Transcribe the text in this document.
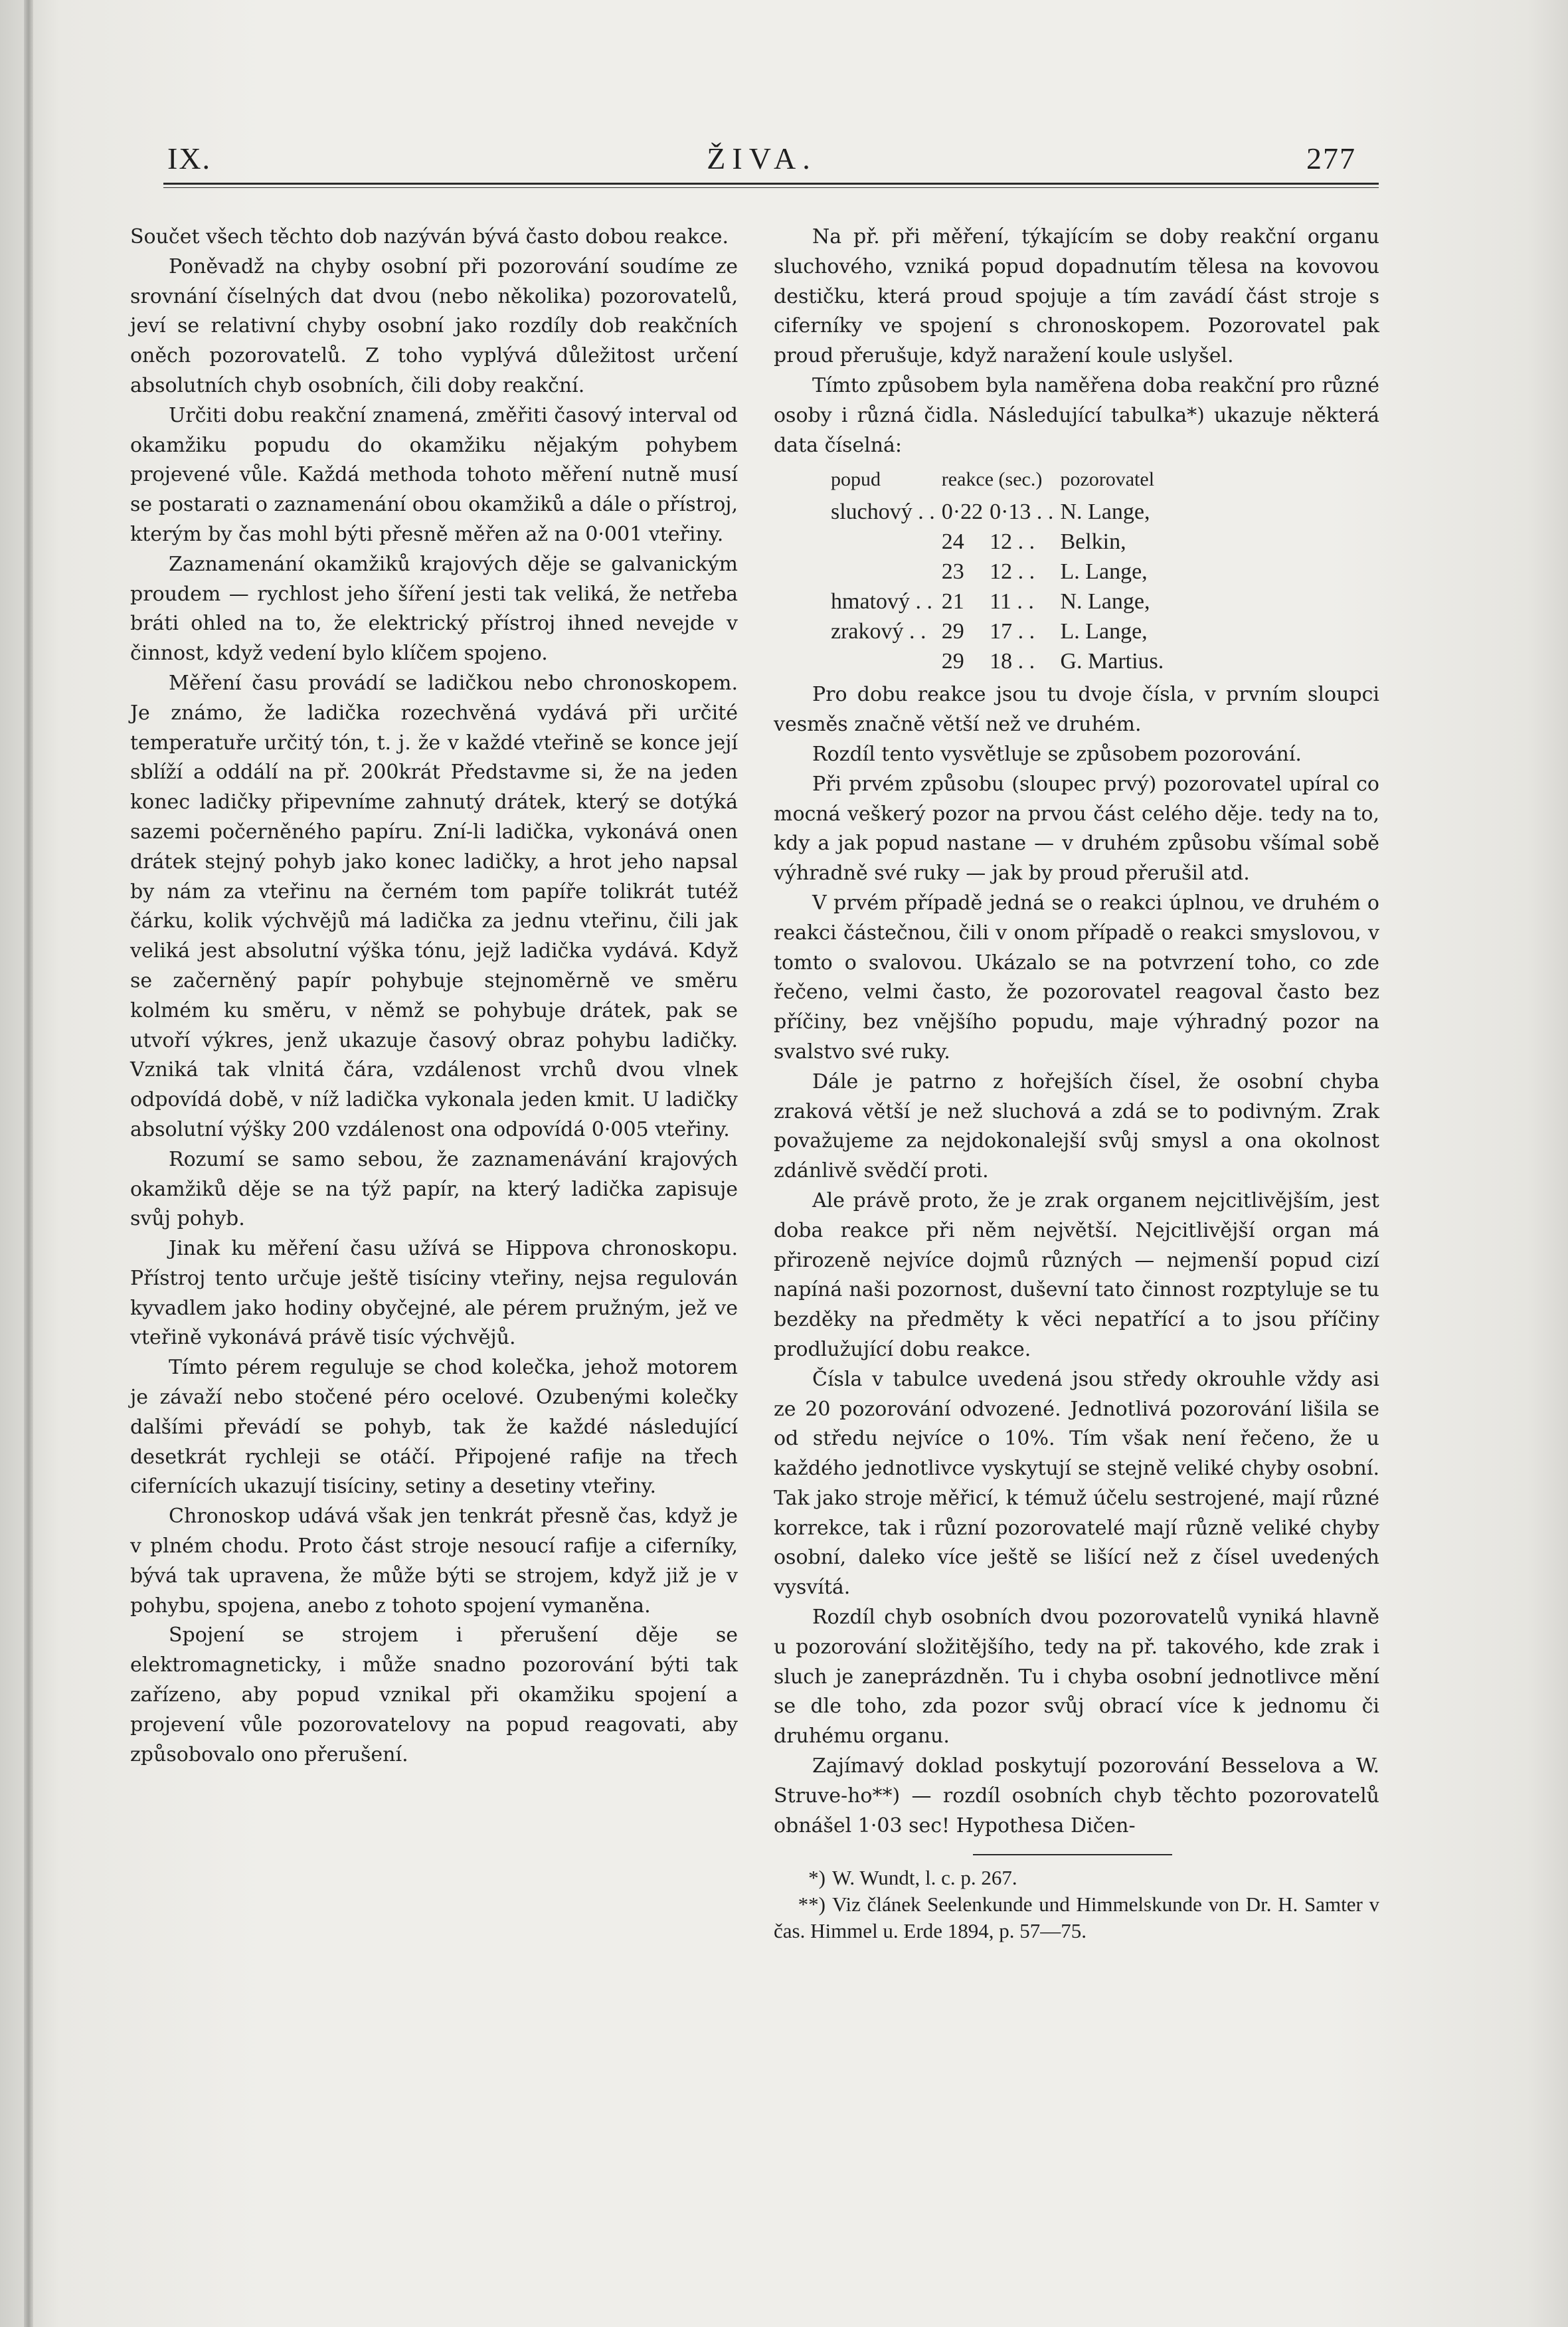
IX.	ŽIVA.	277

Součet všech těchto dob nazýván bývá často dobou reakce.

Poněvadž na chyby osobní při pozorování soudíme ze srovnání číselných dat dvou (nebo několika) pozorovatelů, jeví se relativní chyby osobní jako rozdíly dob reakčních oněch pozorovatelů. Z toho vyplývá důležitost určení absolutních chyb osobních, čili doby reakční.

Určiti dobu reakční znamená, změřiti časový interval od okamžiku popudu do okamžiku nějakým pohybem projevené vůle. Každá methoda tohoto měření nutně musí se postarati o zaznamenání obou okamžiků a dále o přístroj, kterým by čas mohl býti přesně měřen až na 0·001 vteřiny.

Zaznamenání okamžiků krajových děje se galvanickým proudem — rychlost jeho šíření jesti tak veliká, že netřeba bráti ohled na to, že elektrický přístroj ihned nevejde v činnost, když vedení bylo klíčem spojeno.

Měření času provádí se ladičkou nebo chronoskopem. Je známo, že ladička rozechvěná vydává při určité temperatuře určitý tón, t. j. že v každé vteřině se konce její sblíží a oddálí na př. 200krát Představme si, že na jeden konec ladičky připevníme zahnutý drátek, který se dotýká sazemi počerněného papíru. Zní-li ladička, vykonává onen drátek stejný pohyb jako konec ladičky, a hrot jeho napsal by nám za vteřinu na černém tom papíře tolikrát tutéž čárku, kolik výchvějů má ladička za jednu vteřinu, čili jak veliká jest absolutní výška tónu, jejž ladička vydává. Když se začerněný papír pohybuje stejnoměrně ve směru kolmém ku směru, v němž se pohybuje drátek, pak se utvoří výkres, jenž ukazuje časový obraz pohybu ladičky. Vzniká tak vlnitá čára, vzdálenost vrchů dvou vlnek odpovídá době, v níž ladička vykonala jeden kmit. U ladičky absolutní výšky 200 vzdálenost ona odpovídá 0·005 vteřiny.

Rozumí se samo sebou, že zaznamenávání krajových okamžiků děje se na týž papír, na který ladička zapisuje svůj pohyb.

Jinak ku měření času užívá se Hippova chronoskopu. Přístroj tento určuje ještě tisíciny vteřiny, nejsa regulován kyvadlem jako hodiny obyčejné, ale pérem pružným, jež ve vteřině vykonává právě tisíc výchvějů.

Tímto pérem reguluje se chod kolečka, jehož motorem je závaží nebo stočené péro ocelové. Ozubenými kolečky dalšími převádí se pohyb, tak že každé následující desetkrát rychleji se otáčí. Připojené rafije na třech cifernících ukazují tisíciny, setiny a desetiny vteřiny.

Chronoskop udává však jen tenkrát přesně čas, když je v plném chodu. Proto část stroje nesoucí rafije a ciferníky, bývá tak upravena, že může býti se strojem, když již je v pohybu, spojena, anebo z tohoto spojení vymaněna.

Spojení se strojem i přerušení děje se elektromagneticky, i může snadno pozorování býti tak zařízeno, aby popud vznikal při okamžiku spojení a projevení vůle pozorovatelovy na popud reagovati, aby způsobovalo ono přerušení.

Na př. při měření, týkajícím se doby reakční organu sluchového, vzniká popud dopadnutím tělesa na kovovou destičku, která proud spojuje a tím zavádí část stroje s ciferníky ve spojení s chronoskopem. Pozorovatel pak proud přerušuje, když naražení koule uslyšel.

Tímto způsobem byla naměřena doba reakční pro různé osoby i různá čidla. Následující tabulka*) ukazuje některá data číselná:

popud	reakce (sec.)		pozorovatel
sluchový . .	0·22	0·13 . .	N. Lange,
	24	12 . .	Belkin,
	23	12 . .	L. Lange,
hmatový . .	21	11 . .	N. Lange,
zrakový . .	29	17 . .	L. Lange,
	29	18 . .	G. Martius.

Pro dobu reakce jsou tu dvoje čísla, v prvním sloupci vesměs značně větší než ve druhém.

Rozdíl tento vysvětluje se způsobem pozorování.

Při prvém způsobu (sloupec prvý) pozorovatel upíral co mocná veškerý pozor na prvou část celého děje. tedy na to, kdy a jak popud nastane — v druhém způsobu všímal sobě výhradně své ruky — jak by proud přerušil atd.

V prvém případě jedná se o reakci úplnou, ve druhém o reakci částečnou, čili v onom případě o reakci smyslovou, v tomto o svalovou. Ukázalo se na potvrzení toho, co zde řečeno, velmi často, že pozorovatel reagoval často bez příčiny, bez vnějšího popudu, maje výhradný pozor na svalstvo své ruky.

Dále je patrno z hořejších čísel, že osobní chyba zraková větší je než sluchová a zdá se to podivným. Zrak považujeme za nejdokonalejší svůj smysl a ona okolnost zdánlivě svědčí proti.

Ale právě proto, že je zrak organem nejcitlivějším, jest doba reakce při něm největší. Nejcitlivější organ má přirozeně nejvíce dojmů různých — nejmenší popud cizí napíná naši pozornost, duševní tato činnost rozptyluje se tu bezděky na předměty k věci nepatřící a to jsou příčiny prodlužující dobu reakce.

Čísla v tabulce uvedená jsou středy okrouhle vždy asi ze 20 pozorování odvozené. Jednotlivá pozorování lišila se od středu nejvíce o 10%. Tím však není řečeno, že u každého jednotlivce vyskytují se stejně veliké chyby osobní. Tak jako stroje měřicí, k témuž účelu sestrojené, mají různé korrekce, tak i různí pozorovatelé mají různě veliké chyby osobní, daleko více ještě se lišící než z čísel uvedených vysvítá.

Rozdíl chyb osobních dvou pozorovatelů vyniká hlavně u pozorování složitějšího, tedy na př. takového, kde zrak i sluch je zaneprázdněn. Tu i chyba osobní jednotlivce mění se dle toho, zda pozor svůj obrací více k jednomu či druhému organu.

Zajímavý doklad poskytují pozorování Besselova a W. Struve-ho**) — rozdíl osobních chyb těchto pozorovatelů obnášel 1·03 sec! Hypothesa Dičen-

*) W. Wundt, l. c. p. 267.
**) Viz článek Seelenkunde und Himmelskunde von Dr. H. Samter v čas. Himmel u. Erde 1894, p. 57—75.
